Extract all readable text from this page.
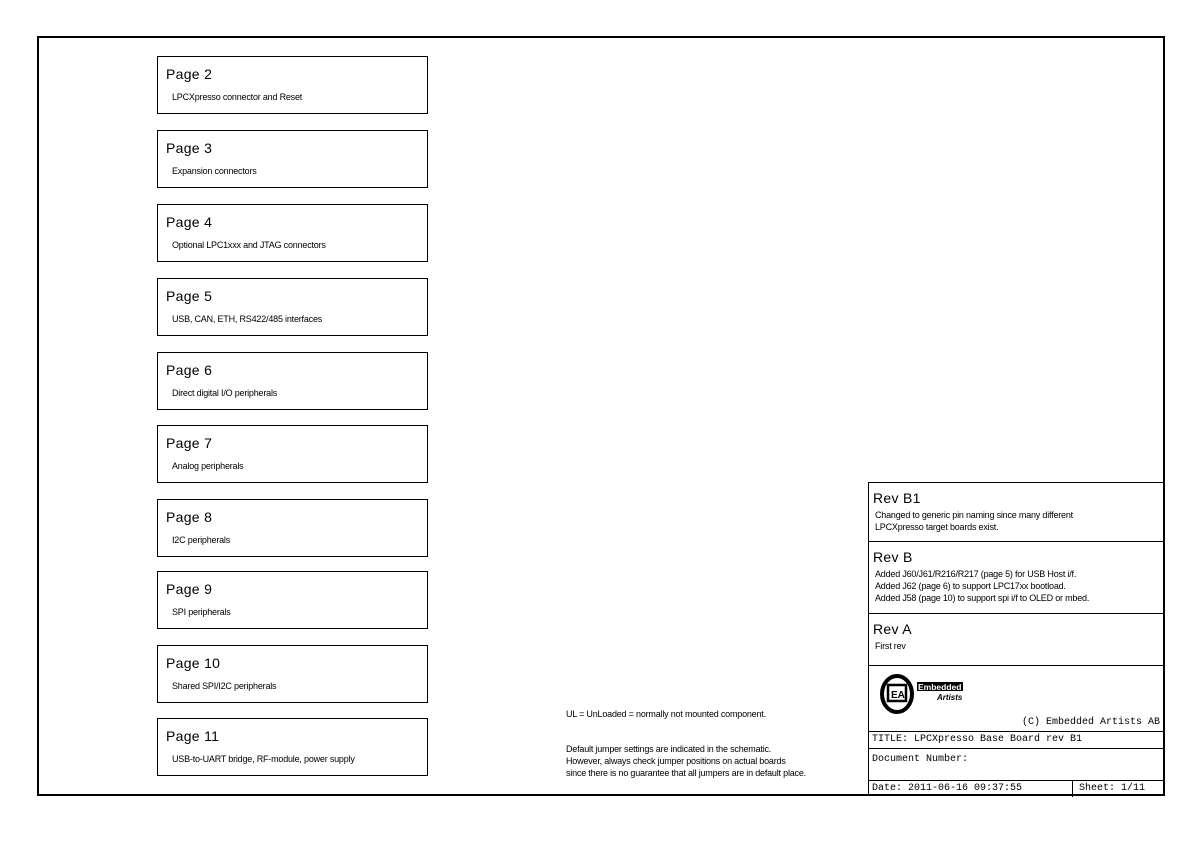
Page 2
LPCXpresso connector and Reset
Page 3
Expansion connectors
Page 4
Optional LPC1xxx and JTAG connectors
Page 5
USB, CAN, ETH, RS422/485 interfaces
Page 6
Direct digital I/O peripherals
Page 7
Analog peripherals
Page 8
I2C peripherals
Page 9
SPI peripherals
Page 10
Shared SPI/I2C peripherals
Page 11
USB-to-UART bridge, RF-module, power supply
UL = UnLoaded = normally not mounted component.
Default jumper settings are indicated in the schematic.
However, always check jumper positions on actual boards
since there is no guarantee that all jumpers are in default place.
Rev B1
Changed to generic pin naming since many different
LPCXpresso target boards exist.
Rev B
Added J60/J61/R216/R217 (page 5) for USB Host i/f.
Added J62 (page 6) to support LPC17xx bootload.
Added J58 (page 10) to support spi i/f to OLED or mbed.
Rev A
First rev
EA
Embedded
Artists
(C) Embedded Artists AB
TITLE: LPCXpresso Base Board rev B1
Document Number:
Date: 2011-06-16 09:37:55	Sheet: 1/11
